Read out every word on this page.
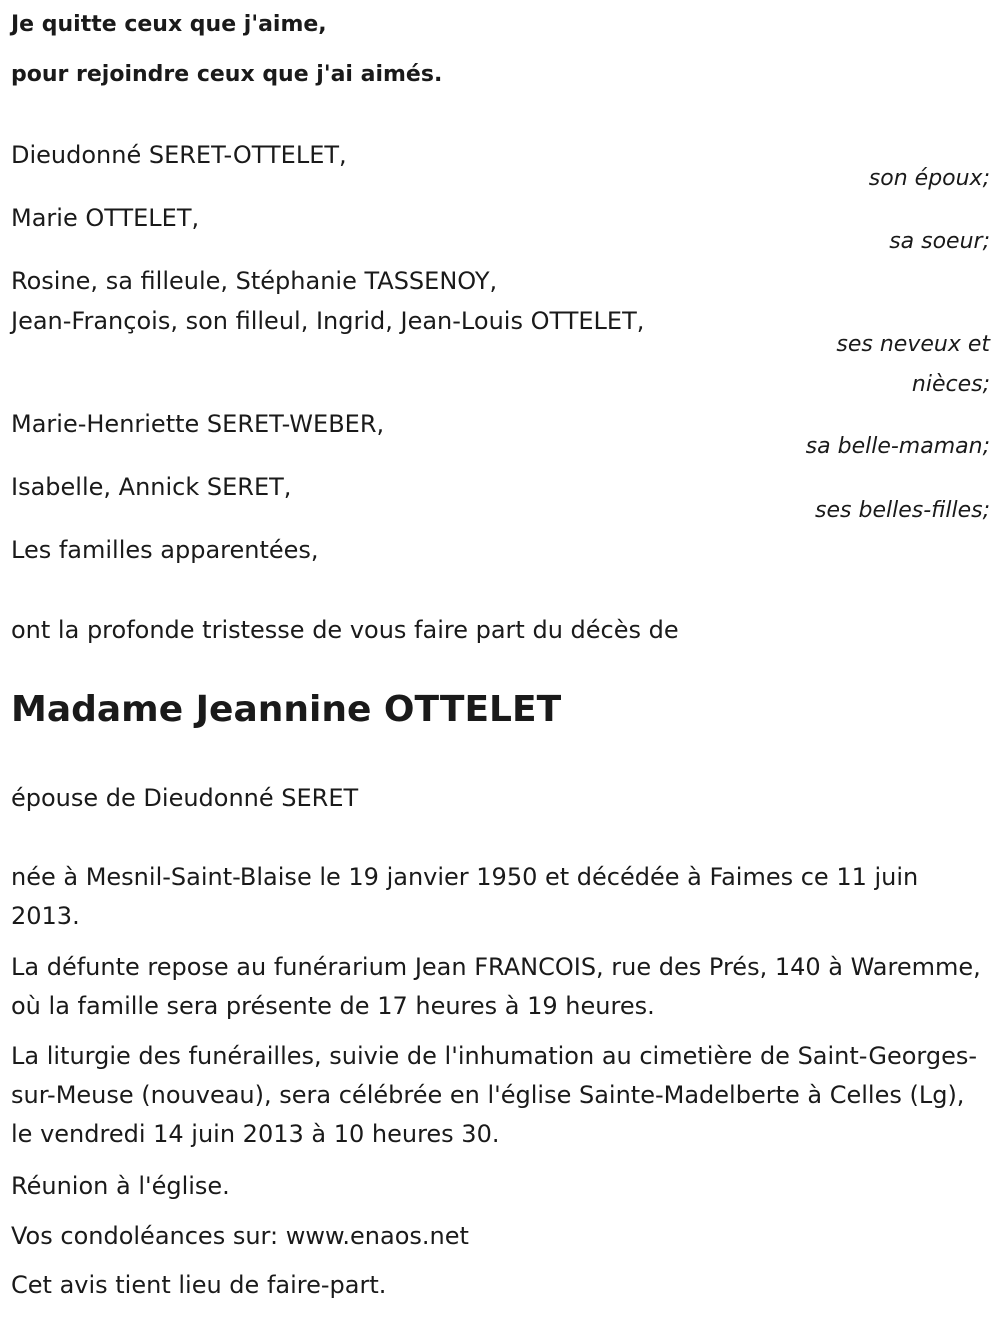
Je quitte ceux que j'aime,

pour rejoindre ceux que j'ai aimés.

Dieudonné SERET-OTTELET,

son époux;

Marie OTTELET,

sa soeur;

Rosine, sa filleule, Stéphanie TASSENOY,

Jean-François, son filleul, Ingrid, Jean-Louis OTTELET,

ses neveux et
nièces;

Marie-Henriette SERET-WEBER,

sa belle-maman;

Isabelle, Annick SERET,

ses belles-filles;

Les familles apparentées,

ont la profonde tristesse de vous faire part du décès de

Madame Jeannine OTTELET

épouse de Dieudonné SERET

née à Mesnil-Saint-Blaise le 19 janvier 1950 et décédée à Faimes ce 11 juin 2013.

La défunte repose au funérarium Jean FRANCOIS, rue des Prés, 140 à Waremme, où la famille sera présente de 17 heures à 19 heures.

La liturgie des funérailles, suivie de l'inhumation au cimetière de Saint-Georges-sur-Meuse (nouveau), sera célébrée en l'église Sainte-Madelberte à Celles (Lg), le vendredi 14 juin 2013 à 10 heures 30.

Réunion à l'église.

Vos condoléances sur: www.enaos.net

Cet avis tient lieu de faire-part.
